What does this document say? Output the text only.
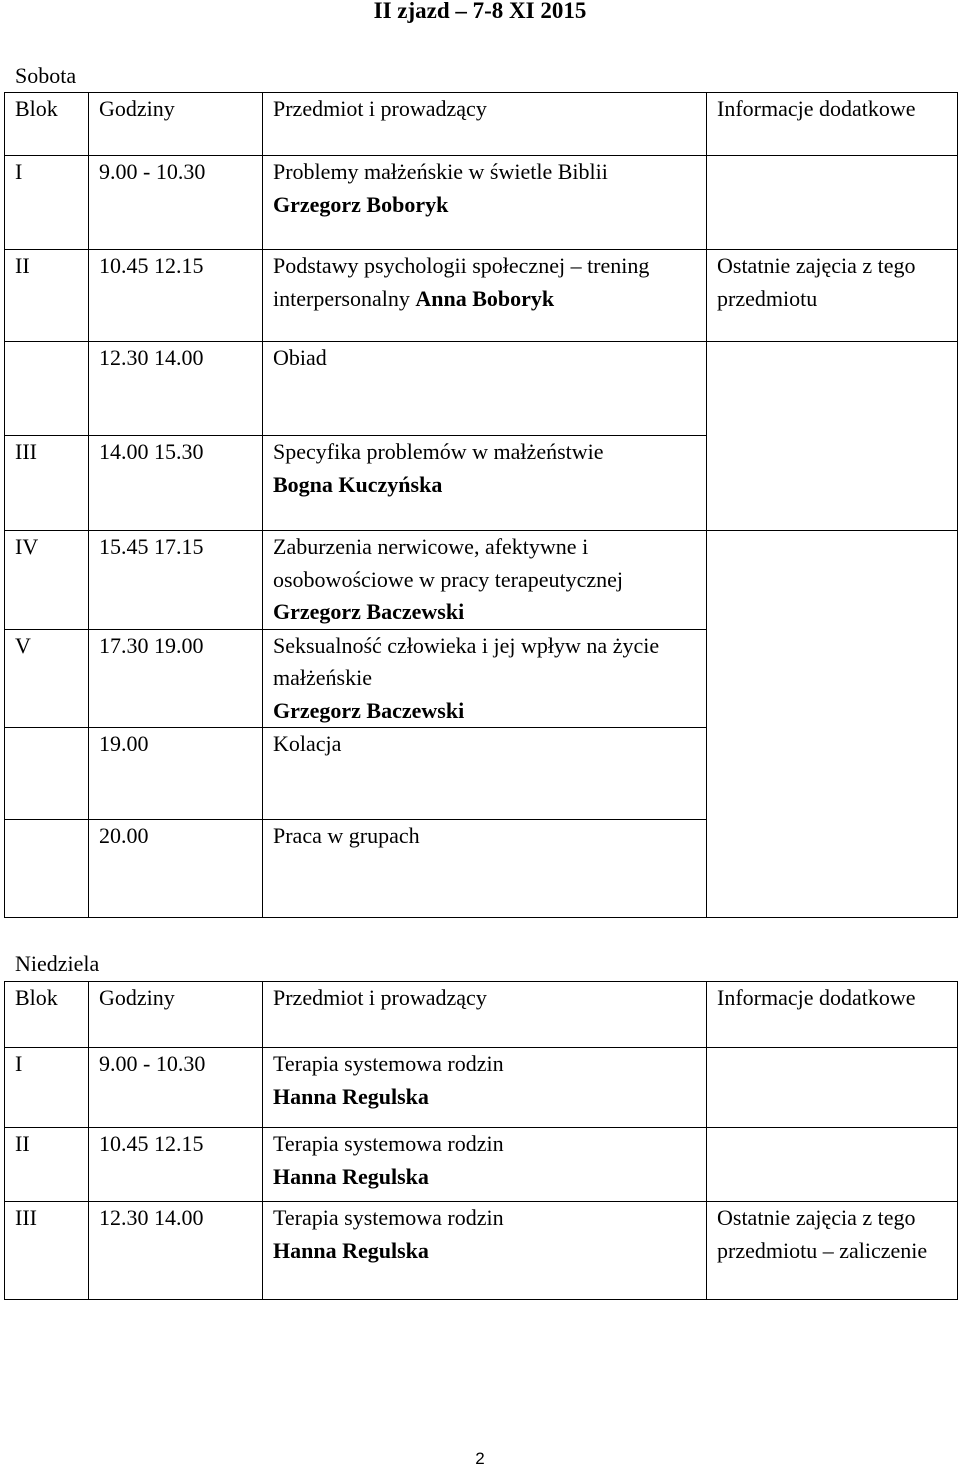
II zjazd – 7-8 XI 2015
Sobota
Blok	Godziny	Przedmiot i prowadzący	Informacje dodatkowe
I	9.00 - 10.30	Problemy małżeńskie w świetle Biblii
Grzegorz Boboryk	
II	10.45 12.15	Podstawy psychologii społecznej – trening interpersonalny Anna Boboryk	Ostatnie zajęcia z tego przedmiotu
	12.30 14.00	Obiad	

III	14.00 15.30	Specyfika problemów w małżeństwie
Bogna Kuczyńska	
IV	15.45 17.15	Zaburzenia nerwicowe, afektywne i osobowościowe w pracy terapeutycznej
Grzegorz Baczewski	
V	17.30 19.00	Seksualność człowieka i jej wpływ na życie małżeńskie
Grzegorz Baczewski	
	19.00	Kolacja	

	20.00	Praca w grupach	
Niedziela
Blok	Godziny	Przedmiot i prowadzący	Informacje dodatkowe
I	9.00 - 10.30	Terapia systemowa rodzin
Hanna Regulska	
II	10.45 12.15	Terapia systemowa rodzin
Hanna Regulska	
III	12.30 14.00	Terapia systemowa rodzin
Hanna Regulska	Ostatnie zajęcia z tego przedmiotu – zaliczenie
2
